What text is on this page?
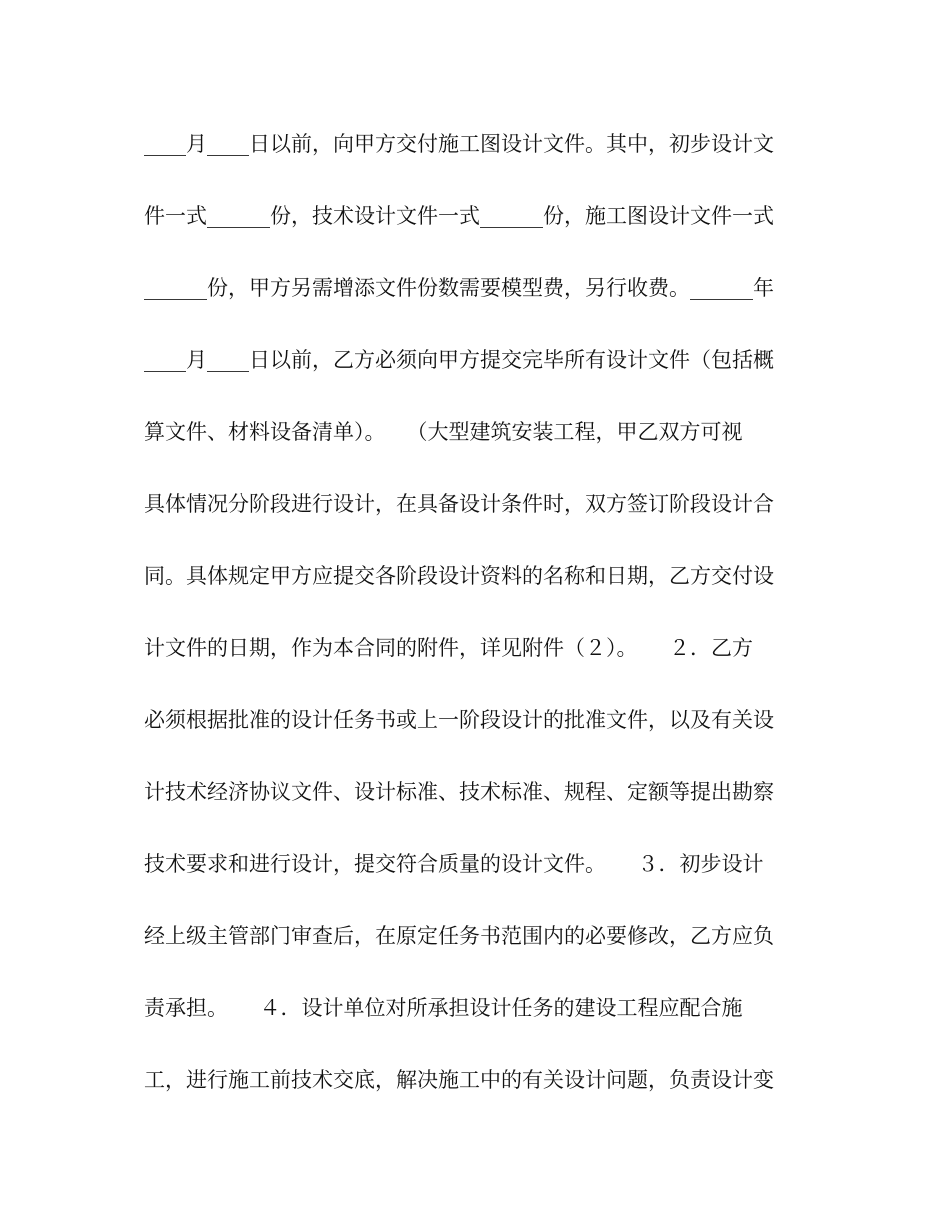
____月____日以前，向甲方交付施工图设计文件。其中，初步设计文
件一式______份，技术设计文件一式______份，施工图设计文件一式
______份，甲方另需增添文件份数需要模型费，另行收费。______年
____月____日以前，乙方必须向甲方提交完毕所有设计文件（包括概
算文件、材料设备清单）。　　（大型建筑安装工程，甲乙双方可视
具体情况分阶段进行设计，在具备设计条件时，双方签订阶段设计合
同。具体规定甲方应提交各阶段设计资料的名称和日期，乙方交付设
计文件的日期，作为本合同的附件，详见附件（２）。　　２．乙方
必须根据批准的设计任务书或上一阶段设计的批准文件，以及有关设
计技术经济协议文件、设计标准、技术标准、规程、定额等提出勘察
技术要求和进行设计，提交符合质量的设计文件。　　３．初步设计
经上级主管部门审查后，在原定任务书范围内的必要修改，乙方应负
责承担。　　４．设计单位对所承担设计任务的建设工程应配合施
工，进行施工前技术交底，解决施工中的有关设计问题，负责设计变
